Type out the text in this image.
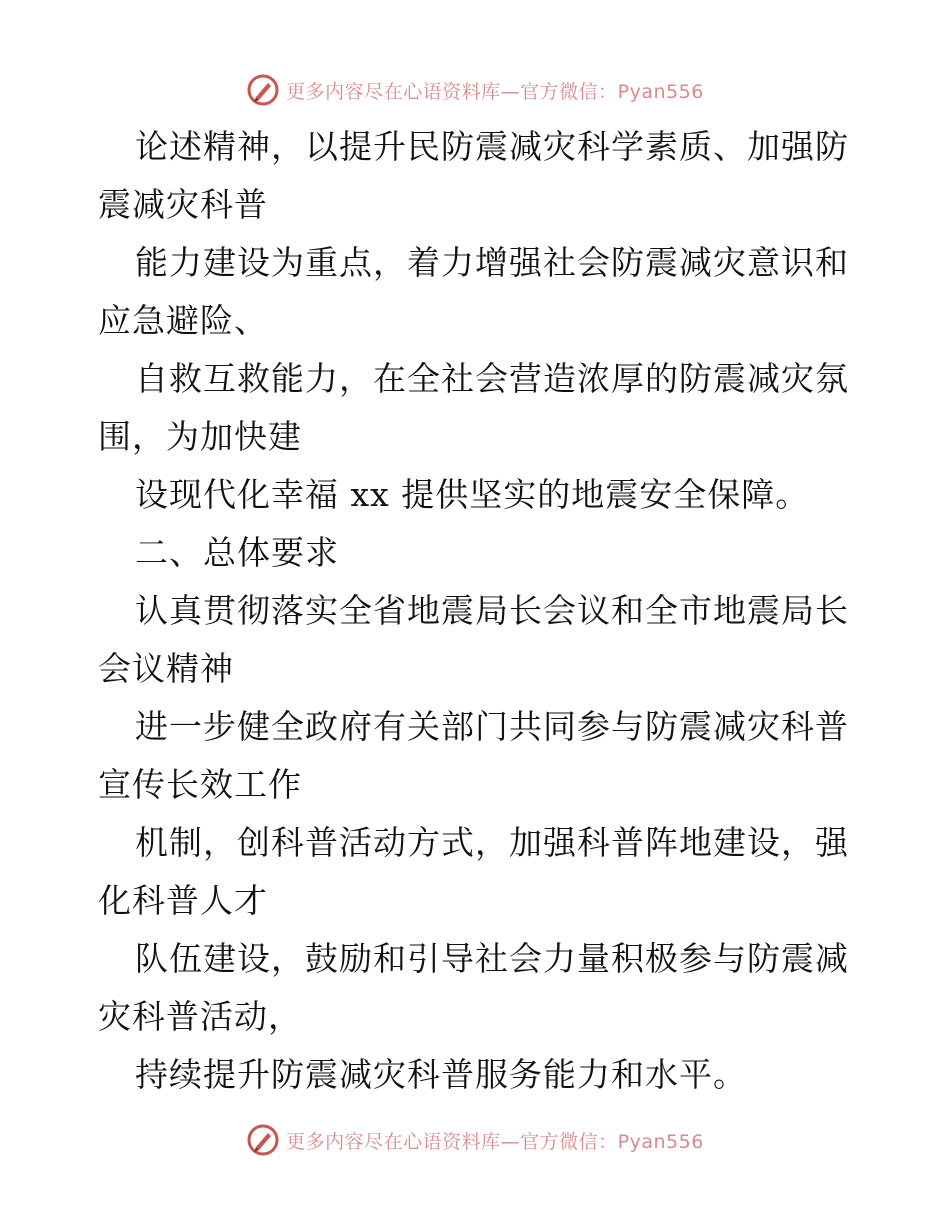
更多内容尽在心语资料库—官方微信：Pyan556
论述精神，以提升民防震减灾科学素质、加强防
震减灾科普
能力建设为重点，着力增强社会防震减灾意识和
应急避险、
自救互救能力，在全社会营造浓厚的防震减灾氛
围，为加快建
设现代化幸福 xx 提供坚实的地震安全保障。
二、总体要求
认真贯彻落实全省地震局长会议和全市地震局长
会议精神
进一步健全政府有关部门共同参与防震减灾科普
宣传长效工作
机制，创科普活动方式，加强科普阵地建设，强
化科普人才
队伍建设，鼓励和引导社会力量积极参与防震减
灾科普活动，
持续提升防震减灾科普服务能力和水平。
更多内容尽在心语资料库—官方微信：Pyan556
